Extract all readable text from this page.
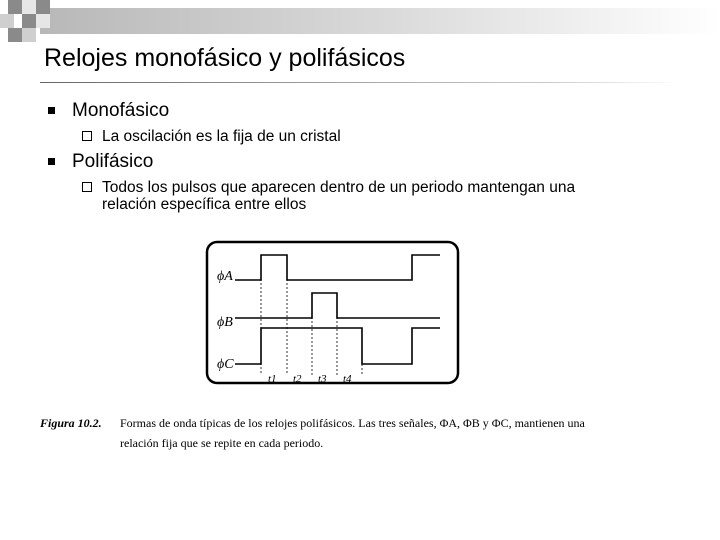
Relojes monofásico y polifásicos
Monofásico
La oscilación es la fija de un cristal
Polifásico
Todos los pulsos que aparecen dentro de un periodo mantengan una
relación específica entre ellos
ϕA
ϕB
ϕC
t1 t2 t3 t4
Figura 10.2. Formas de onda típicas de los relojes polifásicos. Las tres señales, ΦA, ΦB y ΦC, mantienen una
relación fija que se repite en cada periodo.
